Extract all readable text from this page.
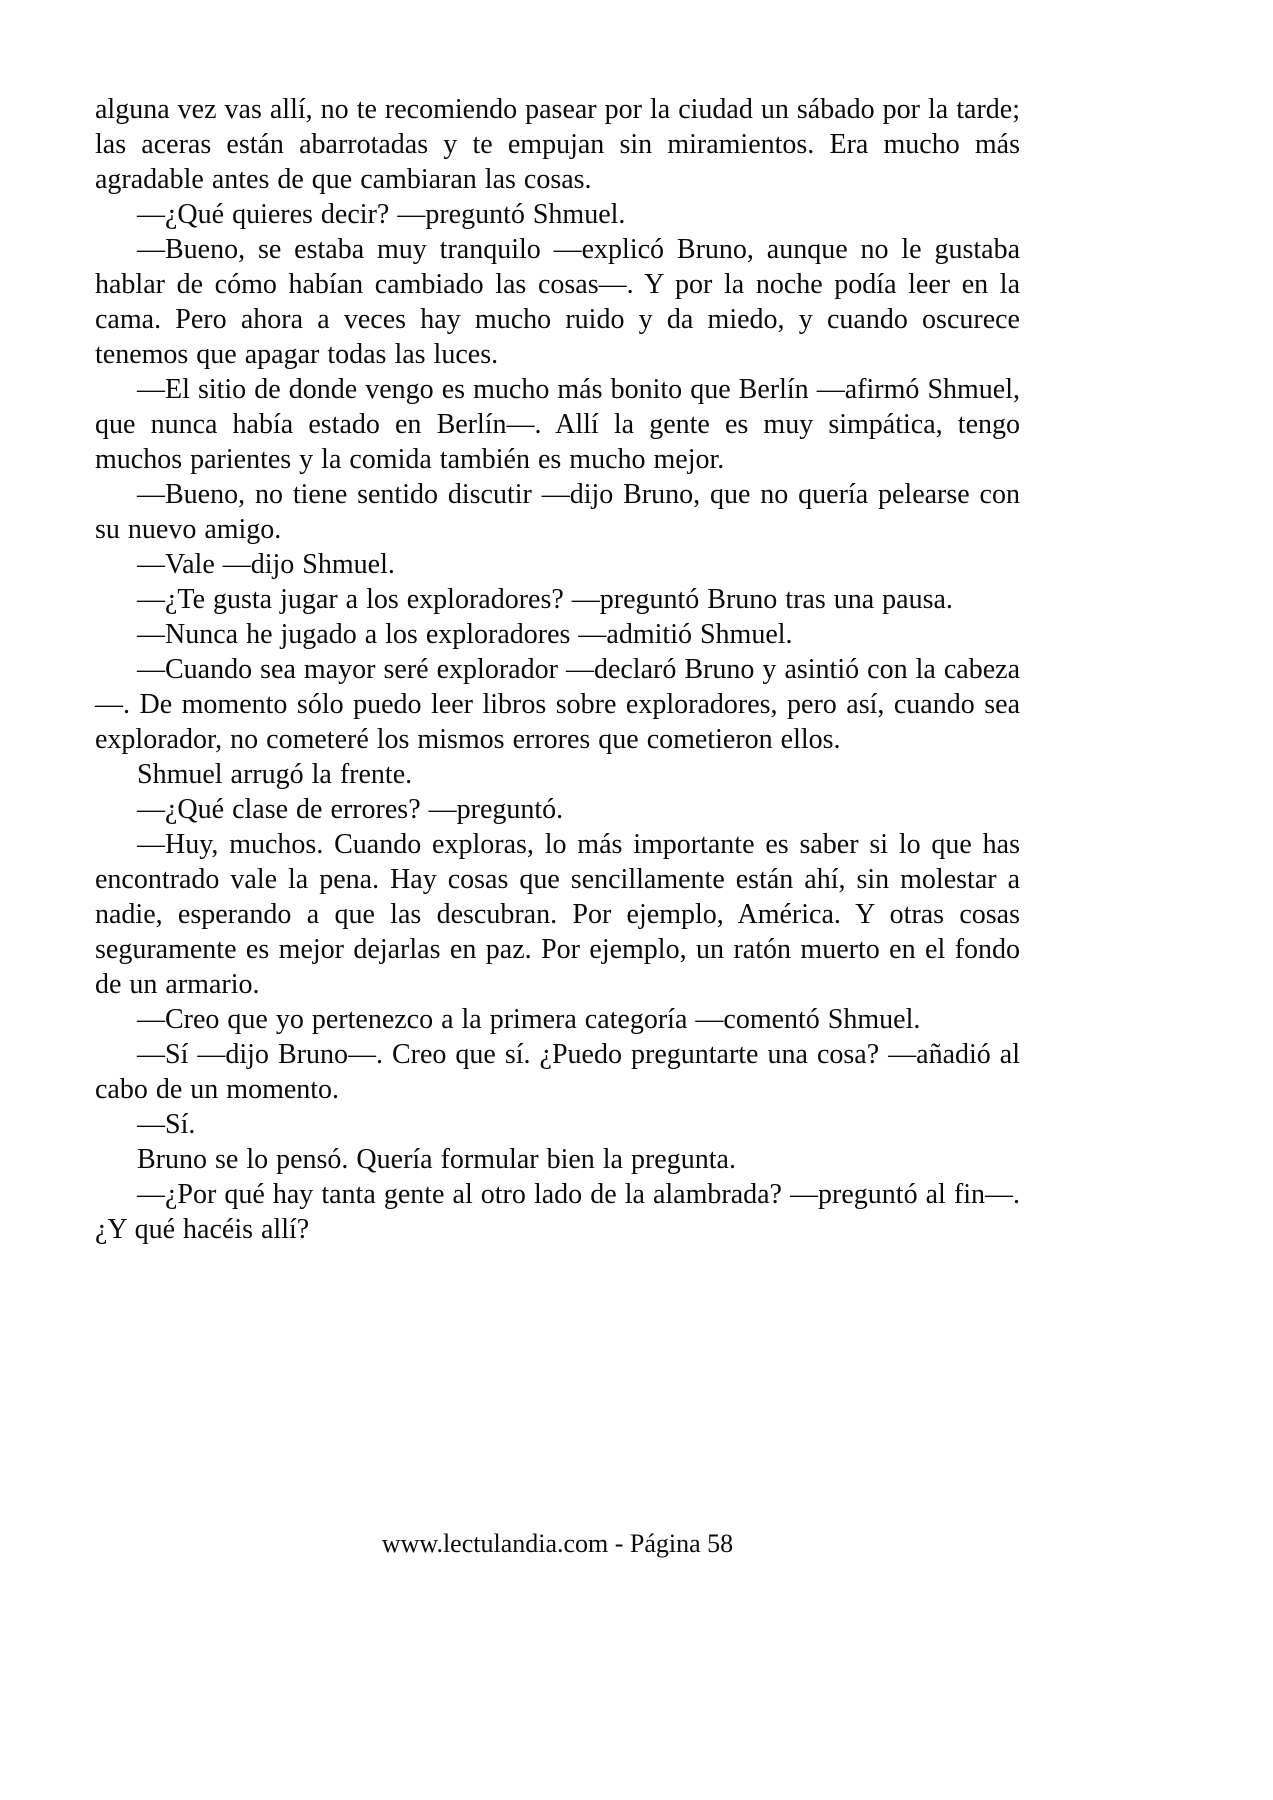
alguna vez vas allí, no te recomiendo pasear por la ciudad un sábado por la tarde; las aceras están abarrotadas y te empujan sin miramientos. Era mucho más agradable antes de que cambiaran las cosas.

—¿Qué quieres decir? —preguntó Shmuel.

—Bueno, se estaba muy tranquilo —explicó Bruno, aunque no le gustaba hablar de cómo habían cambiado las cosas—. Y por la noche podía leer en la cama. Pero ahora a veces hay mucho ruido y da miedo, y cuando oscurece tenemos que apagar todas las luces.

—El sitio de donde vengo es mucho más bonito que Berlín —afirmó Shmuel, que nunca había estado en Berlín—. Allí la gente es muy simpática, tengo muchos parientes y la comida también es mucho mejor.

—Bueno, no tiene sentido discutir —dijo Bruno, que no quería pelearse con su nuevo amigo.

—Vale —dijo Shmuel.

—¿Te gusta jugar a los exploradores? —preguntó Bruno tras una pausa.

—Nunca he jugado a los exploradores —admitió Shmuel.

—Cuando sea mayor seré explorador —declaró Bruno y asintió con la cabeza—. De momento sólo puedo leer libros sobre exploradores, pero así, cuando sea explorador, no cometeré los mismos errores que cometieron ellos.

Shmuel arrugó la frente.

—¿Qué clase de errores? —preguntó.

—Huy, muchos. Cuando exploras, lo más importante es saber si lo que has encontrado vale la pena. Hay cosas que sencillamente están ahí, sin molestar a nadie, esperando a que las descubran. Por ejemplo, América. Y otras cosas seguramente es mejor dejarlas en paz. Por ejemplo, un ratón muerto en el fondo de un armario.

—Creo que yo pertenezco a la primera categoría —comentó Shmuel.

—Sí —dijo Bruno—. Creo que sí. ¿Puedo preguntarte una cosa? —añadió al cabo de un momento.

—Sí.

Bruno se lo pensó. Quería formular bien la pregunta.

—¿Por qué hay tanta gente al otro lado de la alambrada? —preguntó al fin—. ¿Y qué hacéis allí?

www.lectulandia.com - Página 58
